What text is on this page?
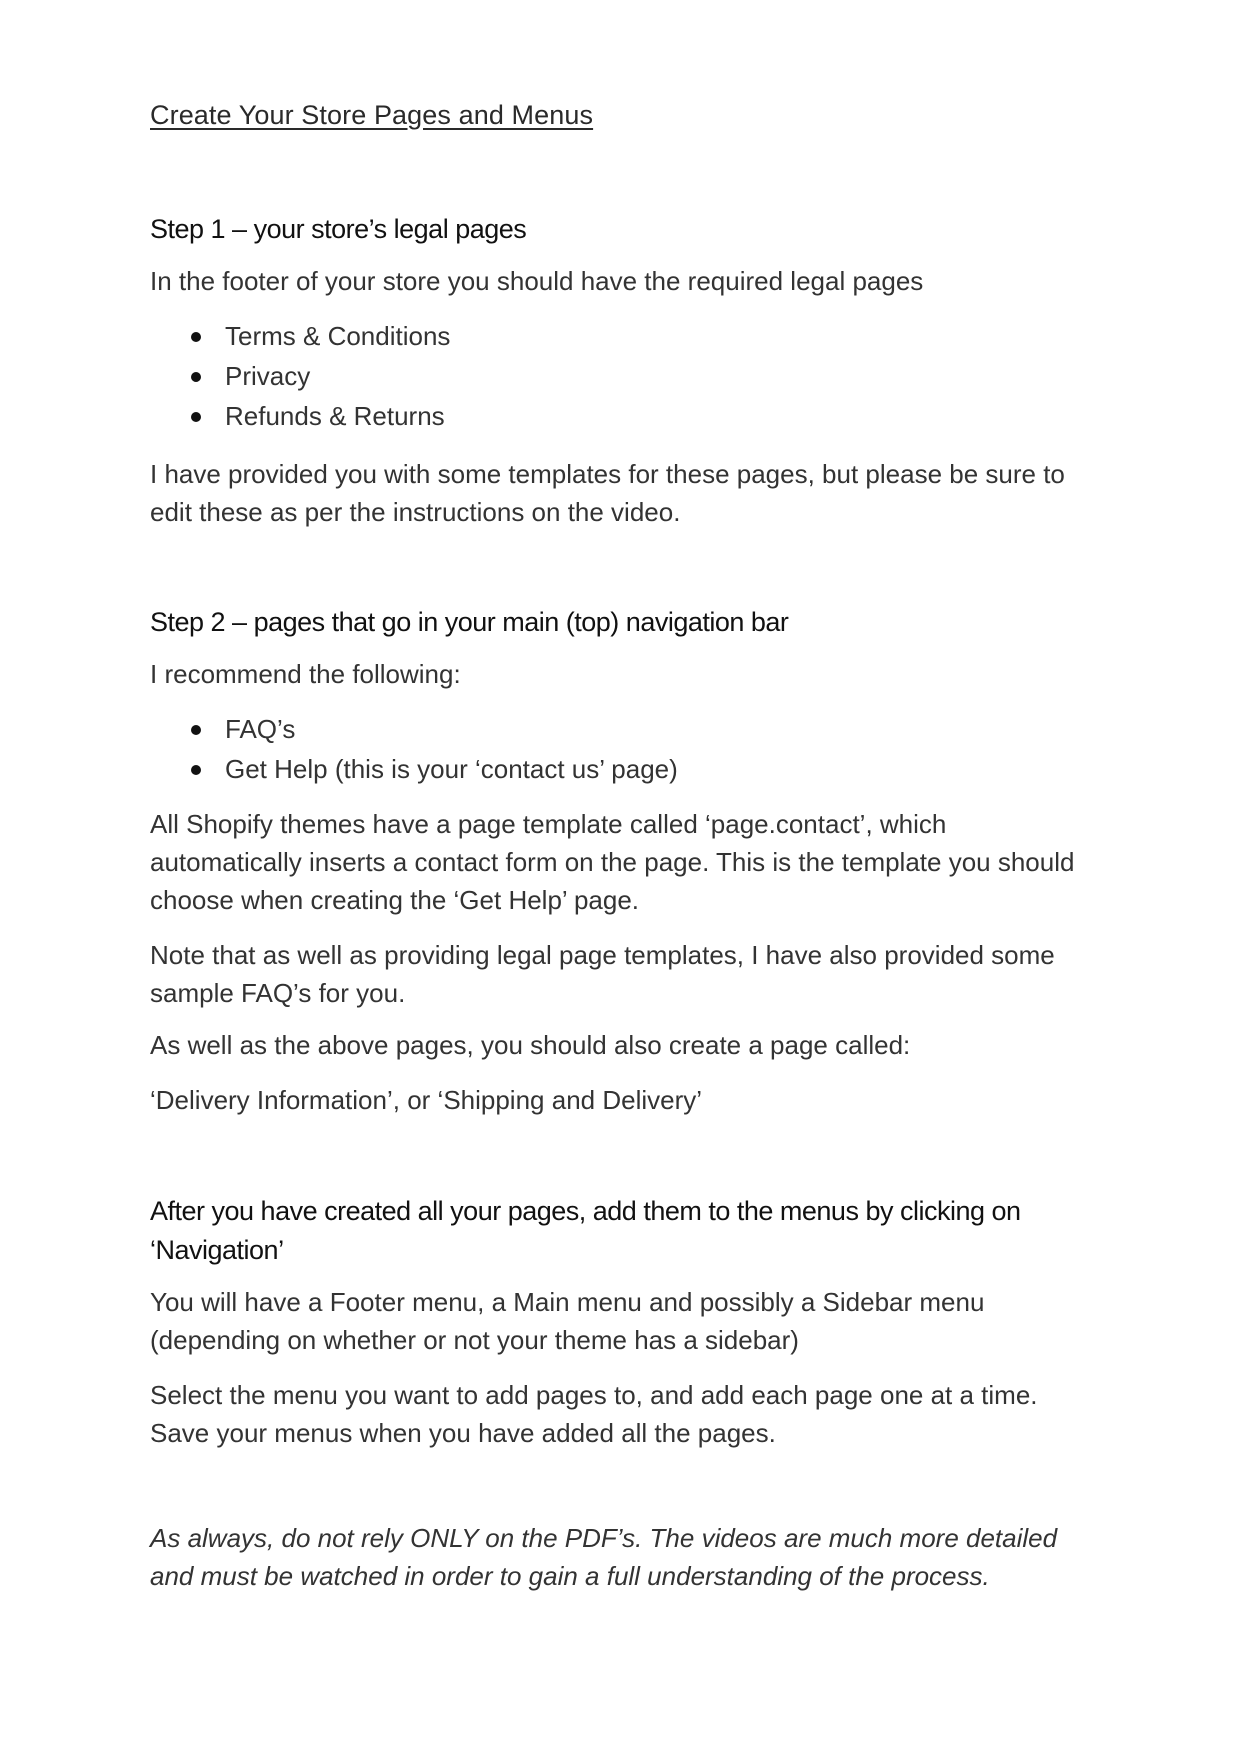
Create Your Store Pages and Menus
Step 1 – your store’s legal pages
In the footer of your store you should have the required legal pages
Terms & Conditions
Privacy
Refunds & Returns
I have provided you with some templates for these pages, but please be sure to edit these as per the instructions on the video.
Step 2 – pages that go in your main (top) navigation bar
I recommend the following:
FAQ’s
Get Help (this is your ‘contact us’ page)
All Shopify themes have a page template called ‘page.contact’, which automatically inserts a contact form on the page. This is the template you should choose when creating the ‘Get Help’ page.
Note that as well as providing legal page templates, I have also provided some sample FAQ’s for you.
As well as the above pages, you should also create a page called:
‘Delivery Information’, or ‘Shipping and Delivery’
After you have created all your pages, add them to the menus by clicking on ‘Navigation’
You will have a Footer menu, a Main menu and possibly a Sidebar menu (depending on whether or not your theme has a sidebar)
Select the menu you want to add pages to, and add each page one at a time. Save your menus when you have added all the pages.
As always, do not rely ONLY on the PDF’s. The videos are much more detailed and must be watched in order to gain a full understanding of the process.
